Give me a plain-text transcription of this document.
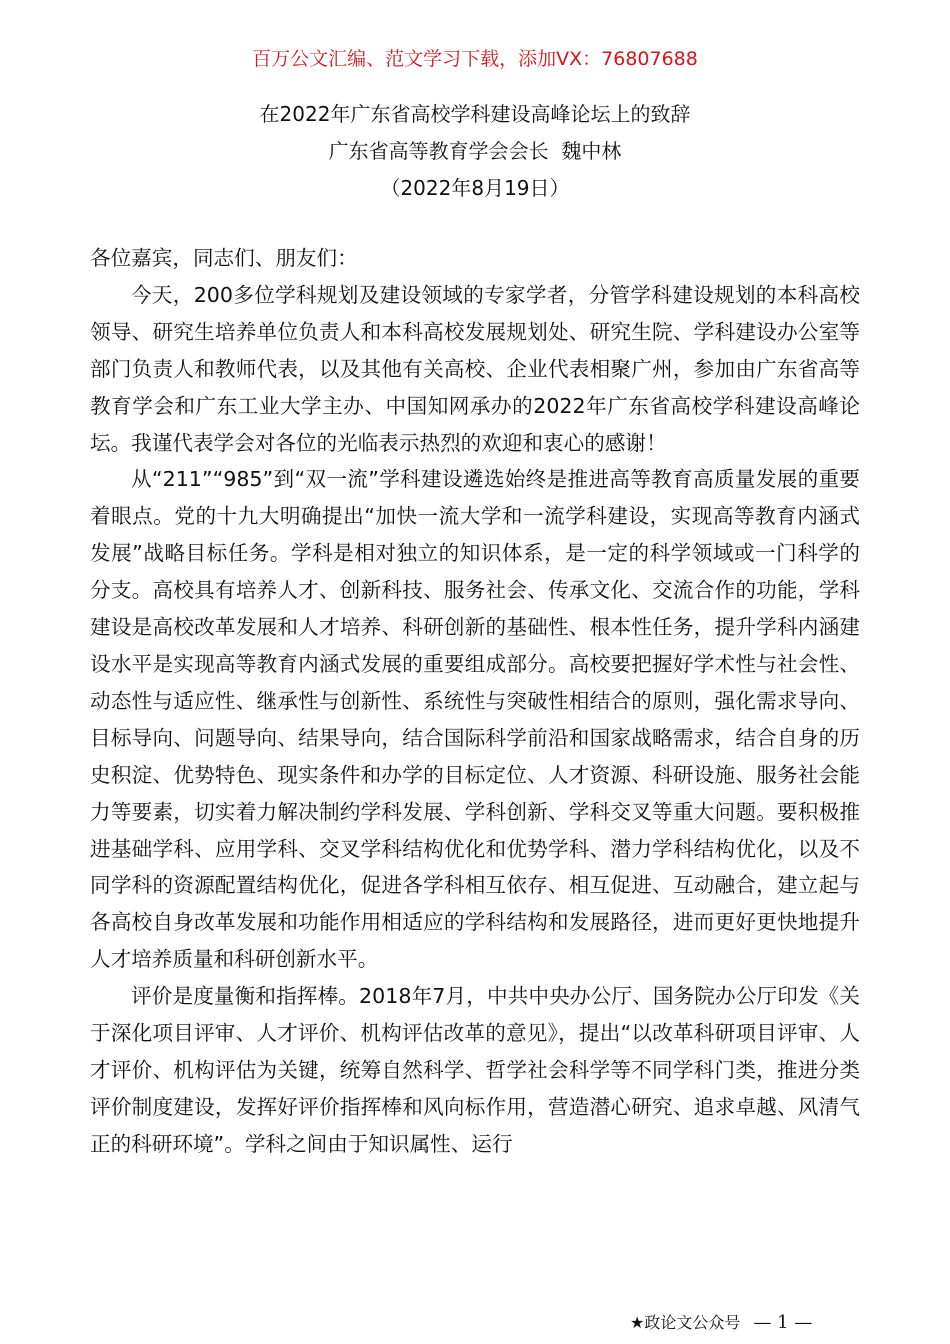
百万公文汇编、范文学习下载，添加VX：76807688
在2022年广东省高校学科建设高峰论坛上的致辞
广东省高等教育学会会长  魏中林
（2022年8月19日）

各位嘉宾，同志们、朋友们：

今天，200多位学科规划及建设领域的专家学者，分管学科建设规划的本科高校领导、研究生培养单位负责人和本科高校发展规划处、研究生院、学科建设办公室等部门负责人和教师代表，以及其他有关高校、企业代表相聚广州，参加由广东省高等教育学会和广东工业大学主办、中国知网承办的2022年广东省高校学科建设高峰论坛。我谨代表学会对各位的光临表示热烈的欢迎和衷心的感谢！

从“211”“985”到“双一流”学科建设遴选始终是推进高等教育高质量发展的重要着眼点。党的十九大明确提出“加快一流大学和一流学科建设，实现高等教育内涵式发展”战略目标任务。学科是相对独立的知识体系，是一定的科学领域或一门科学的分支。高校具有培养人才、创新科技、服务社会、传承文化、交流合作的功能，学科建设是高校改革发展和人才培养、科研创新的基础性、根本性任务，提升学科内涵建设水平是实现高等教育内涵式发展的重要组成部分。高校要把握好学术性与社会性、动态性与适应性、继承性与创新性、系统性与突破性相结合的原则，强化需求导向、目标导向、问题导向、结果导向，结合国际科学前沿和国家战略需求，结合自身的历史积淀、优势特色、现实条件和办学的目标定位、人才资源、科研设施、服务社会能力等要素，切实着力解决制约学科发展、学科创新、学科交叉等重大问题。要积极推进基础学科、应用学科、交叉学科结构优化和优势学科、潜力学科结构优化，以及不同学科的资源配置结构优化，促进各学科相互依存、相互促进、互动融合，建立起与各高校自身改革发展和功能作用相适应的学科结构和发展路径，进而更好更快地提升人才培养质量和科研创新水平。

评价是度量衡和指挥棒。2018年7月，中共中央办公厅、国务院办公厅印发《关于深化项目评审、人才评价、机构评估改革的意见》，提出“以改革科研项目评审、人才评价、机构评估为关键，统筹自然科学、哲学社会科学等不同学科门类，推进分类评价制度建设，发挥好评价指挥棒和风向标作用，营造潜心研究、追求卓越、风清气正的科研环境”。学科之间由于知识属性、运行

★政论文公众号 — 1 —
